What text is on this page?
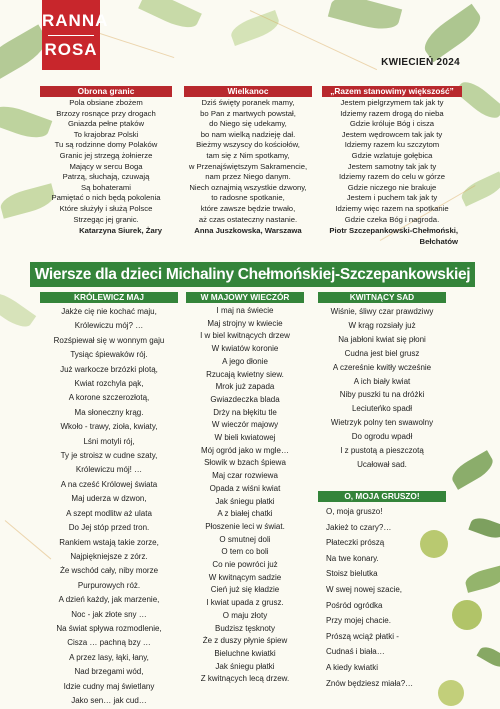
RANNA
ROSA
KWIECIEŃ 2024
Obrona granic
Pola obsiane zbożem
Brzozy rosnące przy drogach
Gniazda pełne ptaków
To krajobraz Polski
Tu są rodzinne domy Polaków
Granic jej strzegą żołnierze
Mający w sercu Boga
Patrzą, słuchają, czuwają
Są bohaterami
Pamiętać o nich będą pokolenia
Które służyły i służą Polsce
Strzegąc jej granic.
Katarzyna Siurek, Żary
Wielkanoc
Dziś święty poranek mamy,
bo Pan z martwych powstał,
do Niego się udekamy,
bo nam wielką nadzieję dał.
Bieżmy wszyscy do kościołów,
tam się z Nim spotkamy,
w Przenajświętszym Sakramencie,
nam przez Niego danym.
Niech oznajmią wszystkie dzwony,
to radosne spotkanie,
które zawsze będzie trwało,
aż czas ostateczny nastanie.
Anna Juszkowska, Warszawa
„Razem stanowimy większość”
Jestem pielgrzymem tak jak ty
Idziemy razem drogą do nieba
Gdzie króluje Bóg i cisza
Jestem wędrowcem tak jak ty
Idziemy razem ku szczytom
Gdzie wzlatuje gołębica
Jestem samotny tak jak ty
Idziemy razem do celu w górze
Gdzie niczego nie brakuje
Jestem i puchem tak jak ty
Idziemy więc razem na spotkanie
Gdzie czeka Bóg i nagroda.
Piotr Szczepankowski-Chełmoński, Bełchatów
Wiersze dla dzieci Michaliny Chełmońskiej-Szczepankowskiej
KRÓLEWICZ MAJ
Jakże cię nie kochać maju,
Królewiczu mój? …
Rozśpiewał się w wonnym gaju
Tysiąc śpiewaków rój.
Już warkocze brzózki plotą,
Kwiat rozchyla pąk,
A korone szczerozłotą,
Ma słoneczny krąg.
Wkoło - trawy, zioła, kwiaty,
Lśni motyli rój,
Ty je stroisz w cudne szaty,
Królewiczu mój! …
A na cześć Królowej świata
Maj uderza w dzwon,
A szept modlitw aż ulata
Do Jej stóp przed tron.
Rankiem wstają takie zorze,
Najpiękniejsze z zórz.
Że wschód cały, niby morze
Purpurowych róż.
A dzień każdy, jak marzenie,
Noc - jak złote sny …
Na świat spływa rozmodlenie,
Cisza … pachną bzy …
A przez lasy, łąki, łany,
Nad brzegami wód,
Idzie cudny maj świetlany
Jako sen… jak cud…
W MAJOWY WIECZÓR
I maj na świecie
Maj strojny w kwiecie
I w biel kwitnących drzew
W kwiatów koronie
A jego dłonie
Rzucają kwietny siew.
Mrok już zapada
Gwiazdeczka blada
Drży na błękitu tle
W wieczór majowy
W bieli kwiatowej
Mój ogród jako w mgle…
Słowik w bzach śpiewa
Maj czar rozwiewa
Opada z wiśni kwiat
Jak śniegu płatki
A z białej chatki
Płoszenie leci w świat.
O smutnej doli
O tem co boli
Co nie powróci już
W kwitnącym sadzie
Cień już się kładzie
I kwiat upada z grusz.
O maju złoty
Budzisz tęsknoty
Że z duszy płynie śpiew
Bieluchne kwiatki
Jak śniegu płatki
Z kwitnących lecą drzew.
KWITNĄCY SAD
Wiśnie, śliwy czar prawdziwy
W krąg rozsiały już
Na jabłoni kwiat się płoni
Cudna jest biel grusz
A czereśnie kwitły wcześnie
A ich biały kwiat
Niby puszki tu na dróżki
Leciuteńko spadł
Wietrzyk polny ten swawolny
Do ogrodu wpadł
I z pustotą a pieszczotą
Ucałował sad.
O, MOJA GRUSZO!
O, moja gruszo!
Jakież to czary?…
Płateczki prószą
Na twe konary.
Stoisz bielutka
W swej nowej szacie,
Pośród ogródka
Przy mojej chacie.
Prószą wciąż płatki -
Cudnaś i biała…
A kiedy kwiatki
Znów będziesz miała?…
